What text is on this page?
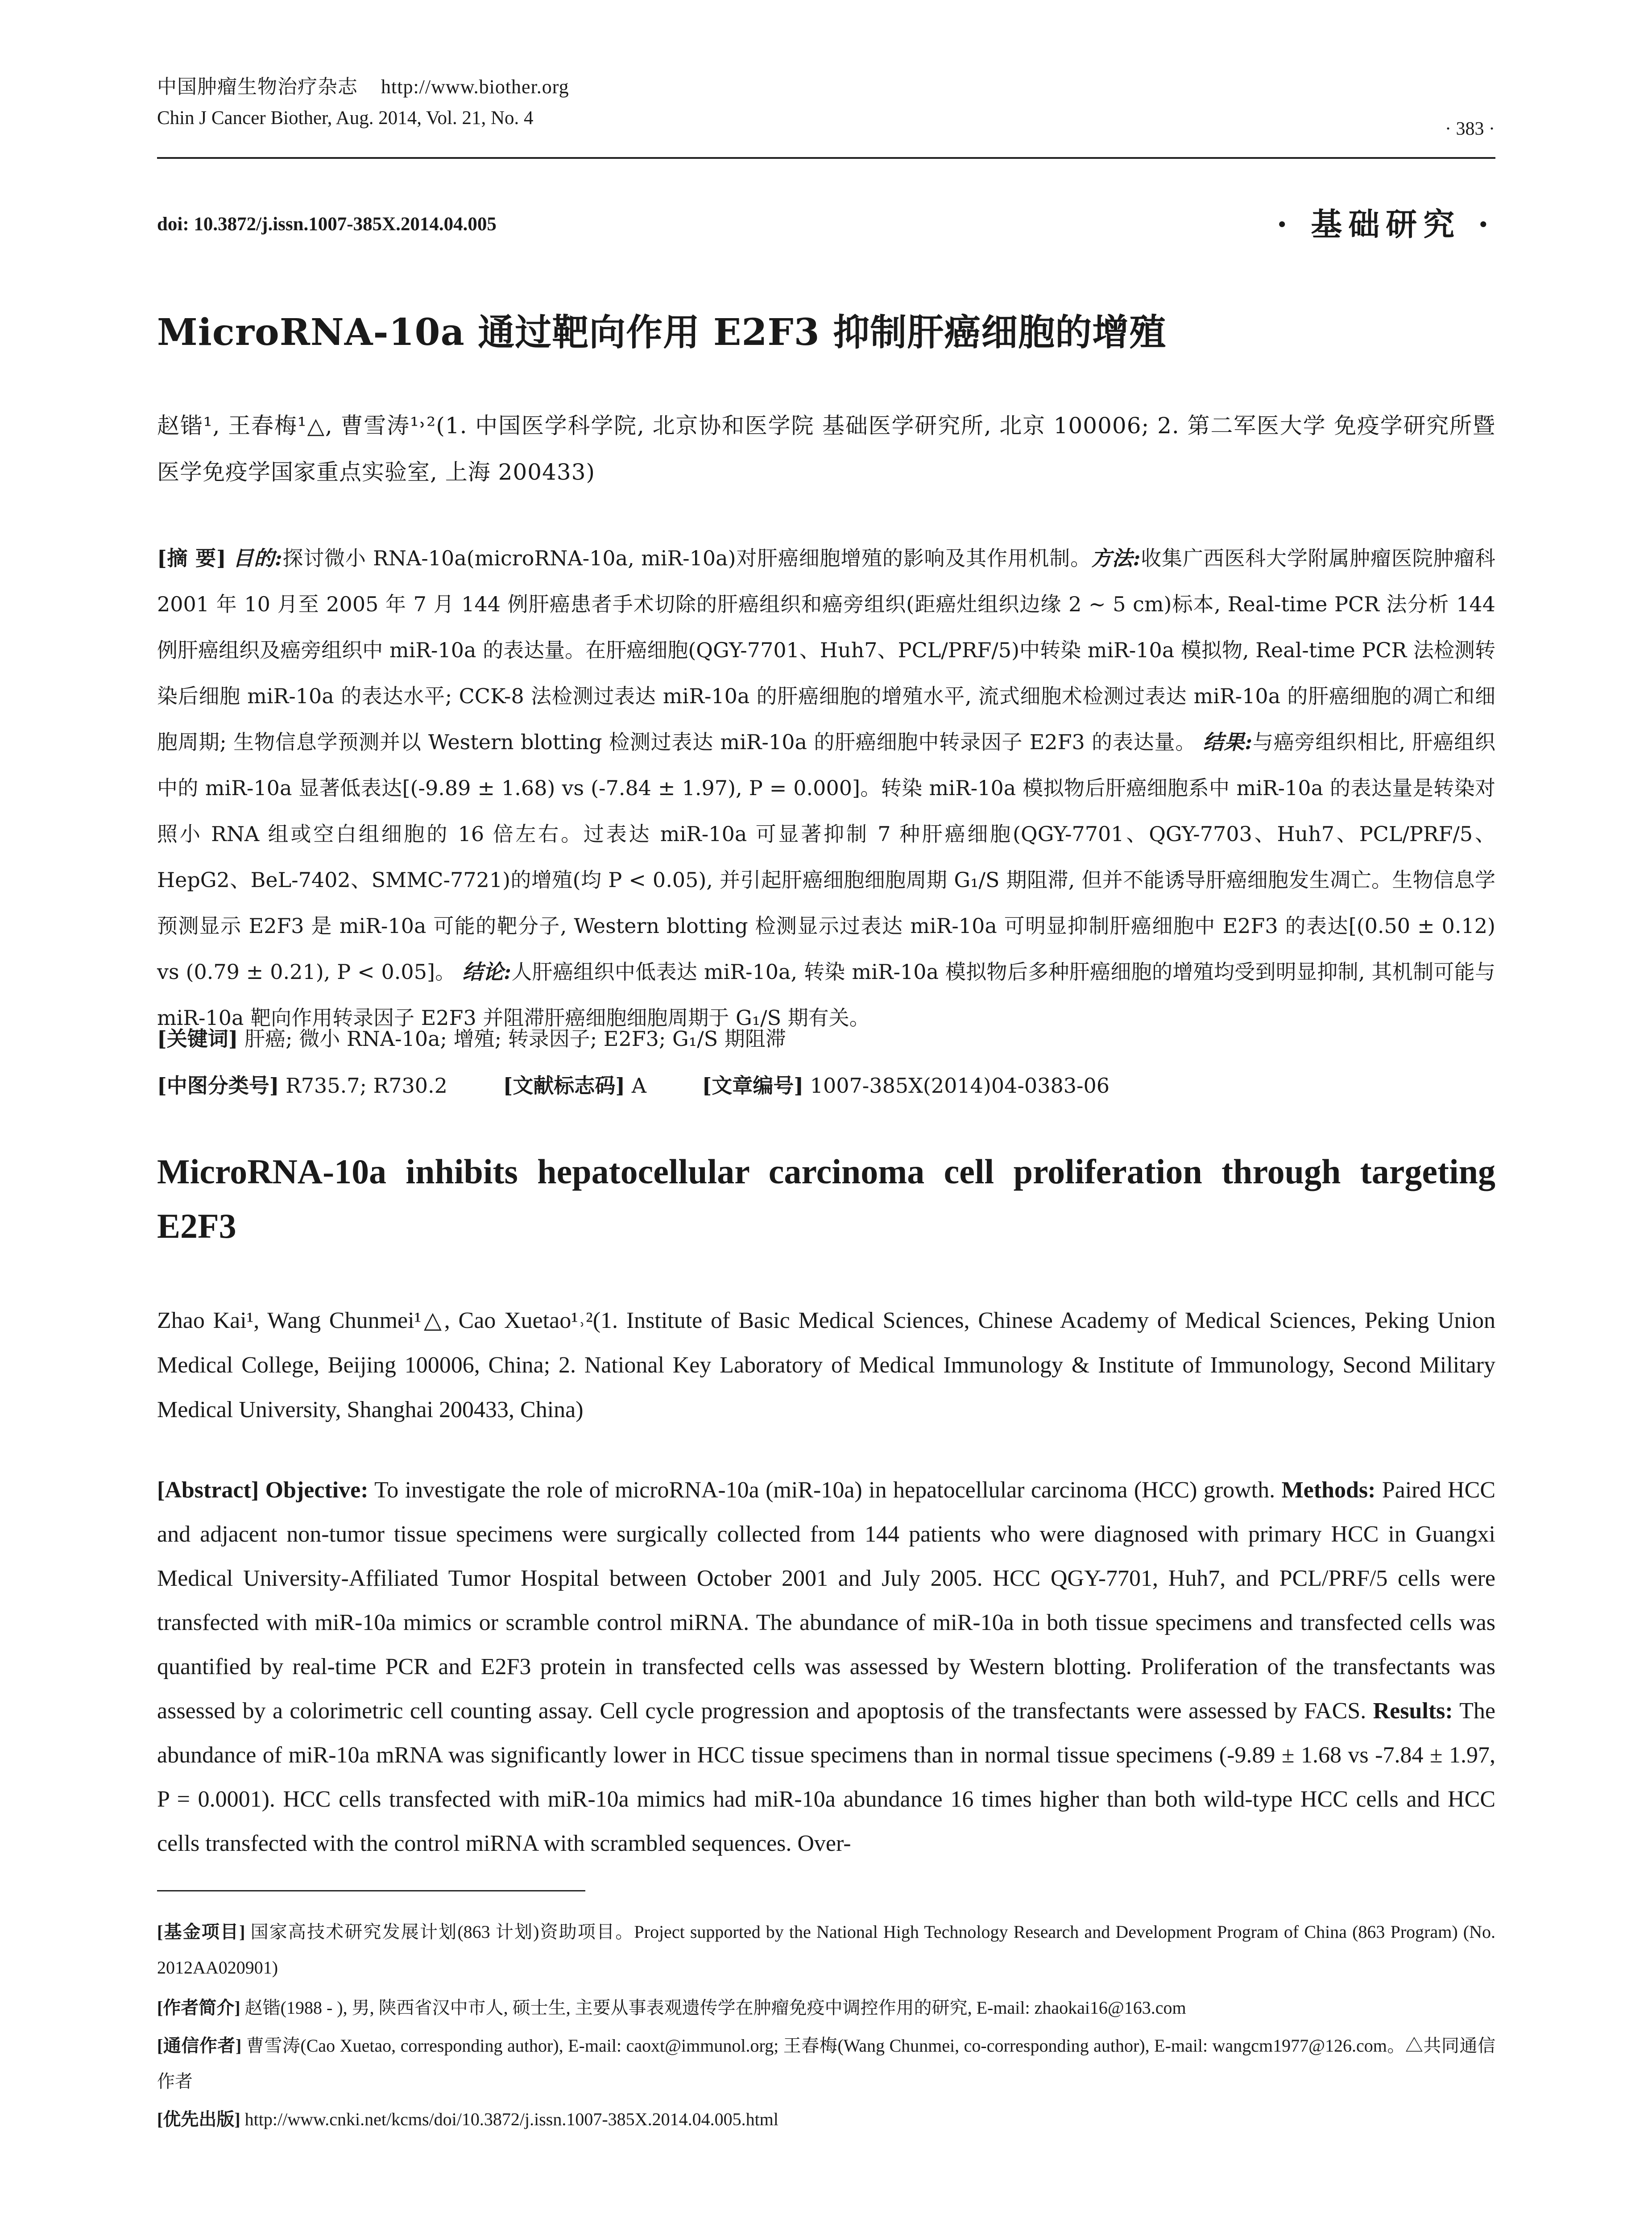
中国肿瘤生物治疗杂志 http://www.biother.org
Chin J Cancer Biother, Aug. 2014, Vol. 21, No. 4
· 383 ·
doi: 10.3872/j.issn.1007-385X.2014.04.005	· 基础研究 ·
MicroRNA-10a 通过靶向作用 E2F3 抑制肝癌细胞的增殖
赵锴¹, 王春梅¹△, 曹雪涛¹˒²(1. 中国医学科学院, 北京协和医学院 基础医学研究所, 北京 100006; 2. 第二军医大学 免疫学研究所暨医学免疫学国家重点实验室, 上海 200433)
[摘 要] 目的:探讨微小 RNA-10a(microRNA-10a, miR-10a)对肝癌细胞增殖的影响及其作用机制。方法:收集广西医科大学附属肿瘤医院肿瘤科 2001 年 10 月至 2005 年 7 月 144 例肝癌患者手术切除的肝癌组织和癌旁组织(距癌灶组织边缘 2 ~ 5 cm)标本, Real-time PCR 法分析 144 例肝癌组织及癌旁组织中 miR-10a 的表达量。在肝癌细胞(QGY-7701、Huh7、PCL/PRF/5)中转染 miR-10a 模拟物, Real-time PCR 法检测转染后细胞 miR-10a 的表达水平; CCK-8 法检测过表达 miR-10a 的肝癌细胞的增殖水平, 流式细胞术检测过表达 miR-10a 的肝癌细胞的凋亡和细胞周期; 生物信息学预测并以 Western blotting 检测过表达 miR-10a 的肝癌细胞中转录因子 E2F3 的表达量。 结果:与癌旁组织相比, 肝癌组织中的 miR-10a 显著低表达[(-9.89 ± 1.68) vs (-7.84 ± 1.97), P = 0.000]。转染 miR-10a 模拟物后肝癌细胞系中 miR-10a 的表达量是转染对照小 RNA 组或空白组细胞的 16 倍左右。过表达 miR-10a 可显著抑制 7 种肝癌细胞(QGY-7701、QGY-7703、Huh7、PCL/PRF/5、HepG2、BeL-7402、SMMC-7721)的增殖(均 P < 0.05), 并引起肝癌细胞细胞周期 G₁/S 期阻滞, 但并不能诱导肝癌细胞发生凋亡。生物信息学预测显示 E2F3 是 miR-10a 可能的靶分子, Western blotting 检测显示过表达 miR-10a 可明显抑制肝癌细胞中 E2F3 的表达[(0.50 ± 0.12) vs (0.79 ± 0.21), P < 0.05]。 结论:人肝癌组织中低表达 miR-10a, 转染 miR-10a 模拟物后多种肝癌细胞的增殖均受到明显抑制, 其机制可能与 miR-10a 靶向作用转录因子 E2F3 并阻滞肝癌细胞细胞周期于 G₁/S 期有关。
[关键词] 肝癌; 微小 RNA-10a; 增殖; 转录因子; E2F3; G₁/S 期阻滞
[中图分类号] R735.7; R730.2	[文献标志码] A	[文章编号] 1007-385X(2014)04-0383-06
MicroRNA-10a inhibits hepatocellular carcinoma cell proliferation through targeting E2F3
Zhao Kai¹, Wang Chunmei¹△, Cao Xuetao¹˒²(1. Institute of Basic Medical Sciences, Chinese Academy of Medical Sciences, Peking Union Medical College, Beijing 100006, China; 2. National Key Laboratory of Medical Immunology & Institute of Immunology, Second Military Medical University, Shanghai 200433, China)
[Abstract] Objective: To investigate the role of microRNA-10a (miR-10a) in hepatocellular carcinoma (HCC) growth. Methods: Paired HCC and adjacent non-tumor tissue specimens were surgically collected from 144 patients who were diagnosed with primary HCC in Guangxi Medical University-Affiliated Tumor Hospital between October 2001 and July 2005. HCC QGY-7701, Huh7, and PCL/PRF/5 cells were transfected with miR-10a mimics or scramble control miRNA. The abundance of miR-10a in both tissue specimens and transfected cells was quantified by real-time PCR and E2F3 protein in transfected cells was assessed by Western blotting. Proliferation of the transfectants was assessed by a colorimetric cell counting assay. Cell cycle progression and apoptosis of the transfectants were assessed by FACS. Results: The abundance of miR-10a mRNA was significantly lower in HCC tissue specimens than in normal tissue specimens (-9.89 ± 1.68 vs -7.84 ± 1.97, P = 0.0001). HCC cells transfected with miR-10a mimics had miR-10a abundance 16 times higher than both wild-type HCC cells and HCC cells transfected with the control miRNA with scrambled sequences. Over-
[基金项目] 国家高技术研究发展计划(863 计划)资助项目。Project supported by the National High Technology Research and Development Program of China (863 Program) (No. 2012AA020901)
[作者简介] 赵锴(1988 - ), 男, 陕西省汉中市人, 硕士生, 主要从事表观遗传学在肿瘤免疫中调控作用的研究, E-mail: zhaokai16@163.com
[通信作者] 曹雪涛(Cao Xuetao, corresponding author), E-mail: caoxt@immunol.org; 王春梅(Wang Chunmei, co-corresponding author), E-mail: wangcm1977@126.com。△共同通信作者
[优先出版] http://www.cnki.net/kcms/doi/10.3872/j.issn.1007-385X.2014.04.005.html
